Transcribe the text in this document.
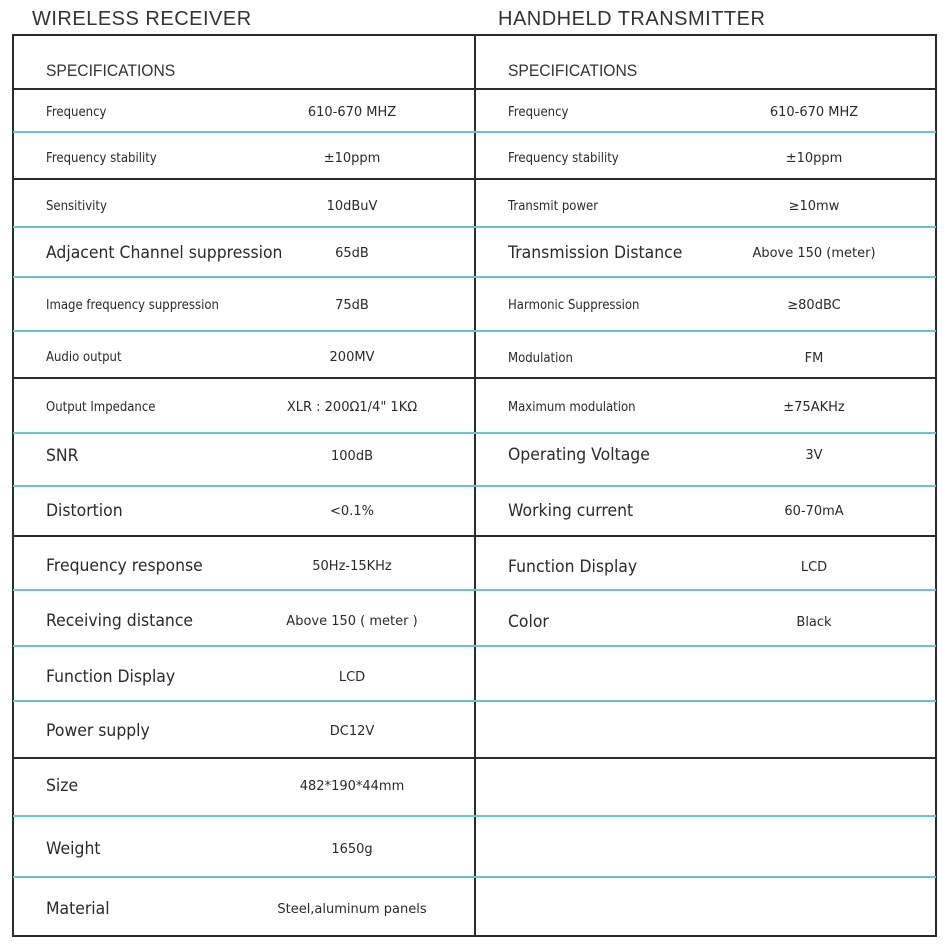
WIRELESS RECEIVER	HANDHELD TRANSMITTER
SPECIFICATIONS	SPECIFICATIONS
Frequency	610-670 MHZ
Frequency stability	±10ppm
Sensitivity	10dBuV
Adjacent Channel suppression	65dB
Image frequency suppression	75dB
Audio output	200MV
Output Impedance	XLR : 200Ω1/4" 1KΩ
SNR	100dB
Distortion	<0.1%
Frequency response	50Hz-15KHz
Receiving distance	Above 150 ( meter )
Function Display	LCD
Power supply	DC12V
Size	482*190*44mm
Weight	1650g
Material	Steel,aluminum panels
Frequency	610-670 MHZ
Frequency stability	±10ppm
Transmit power	≥10mw
Transmission Distance	Above 150 (meter)
Harmonic Suppression	≥80dBC
Modulation	FM
Maximum modulation	±75AKHz
Operating Voltage	3V
Working current	60-70mA
Function Display	LCD
Color	Black
